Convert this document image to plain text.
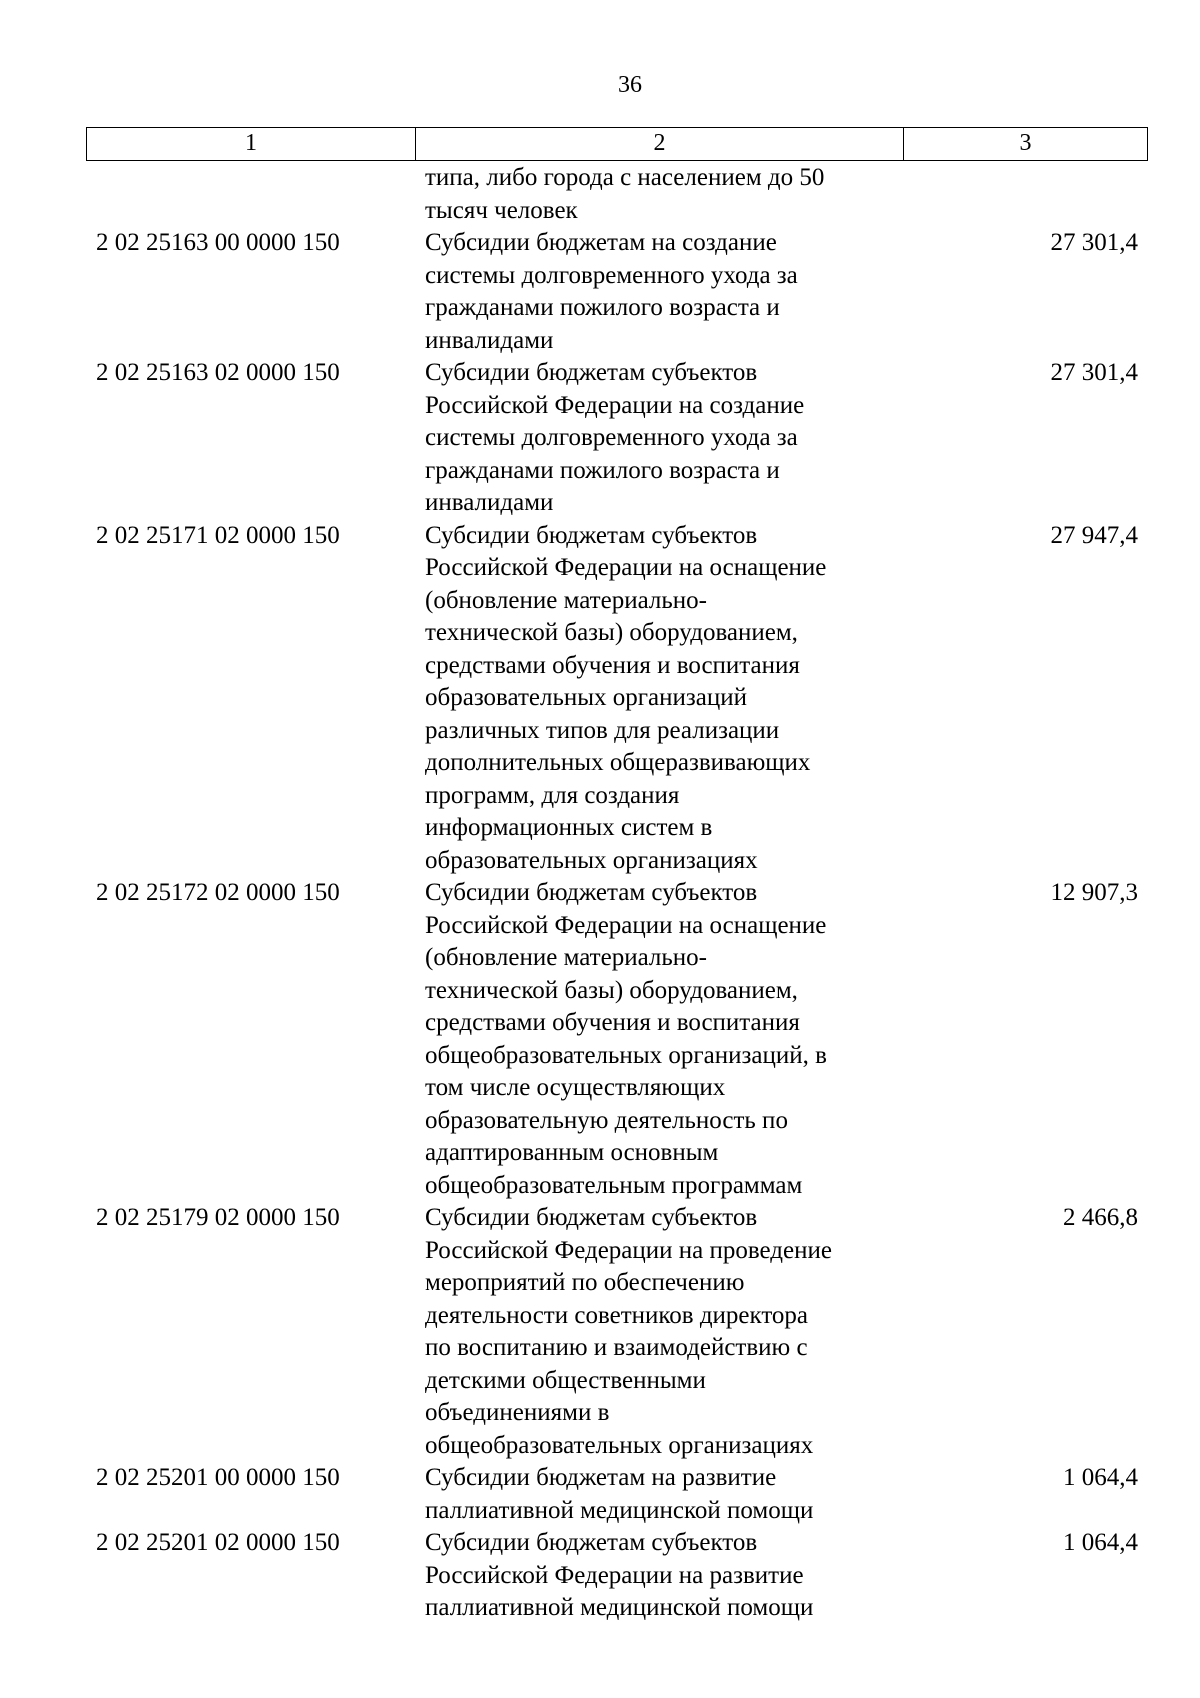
36
1	2	3
типа, либо города с населением до 50
тысяч человек
2 02 25163 00 0000 150	Субсидии бюджетам на создание
системы долговременного ухода за
гражданами пожилого возраста и
инвалидами
27 301,4
2 02 25163 02 0000 150	Субсидии бюджетам субъектов
Российской Федерации на создание
системы долговременного ухода за
гражданами пожилого возраста и
инвалидами
27 301,4
2 02 25171 02 0000 150	Субсидии бюджетам субъектов
Российской Федерации на оснащение
(обновление материально-
технической базы) оборудованием,
средствами обучения и воспитания
образовательных организаций
различных типов для реализации
дополнительных общеразвивающих
программ, для создания
информационных систем в
образовательных организациях
27 947,4
2 02 25172 02 0000 150	Субсидии бюджетам субъектов
Российской Федерации на оснащение
(обновление материально-
технической базы) оборудованием,
средствами обучения и воспитания
общеобразовательных организаций, в
том числе осуществляющих
образовательную деятельность по
адаптированным основным
общеобразовательным программам
12 907,3
2 02 25179 02 0000 150	Субсидии бюджетам субъектов
Российской Федерации на проведение
мероприятий по обеспечению
деятельности советников директора
по воспитанию и взаимодействию с
детскими общественными
объединениями в
общеобразовательных организациях
2 466,8
2 02 25201 00 0000 150	Субсидии бюджетам на развитие
паллиативной медицинской помощи
1 064,4
2 02 25201 02 0000 150	Субсидии бюджетам субъектов
Российской Федерации на развитие
паллиативной медицинской помощи
1 064,4
